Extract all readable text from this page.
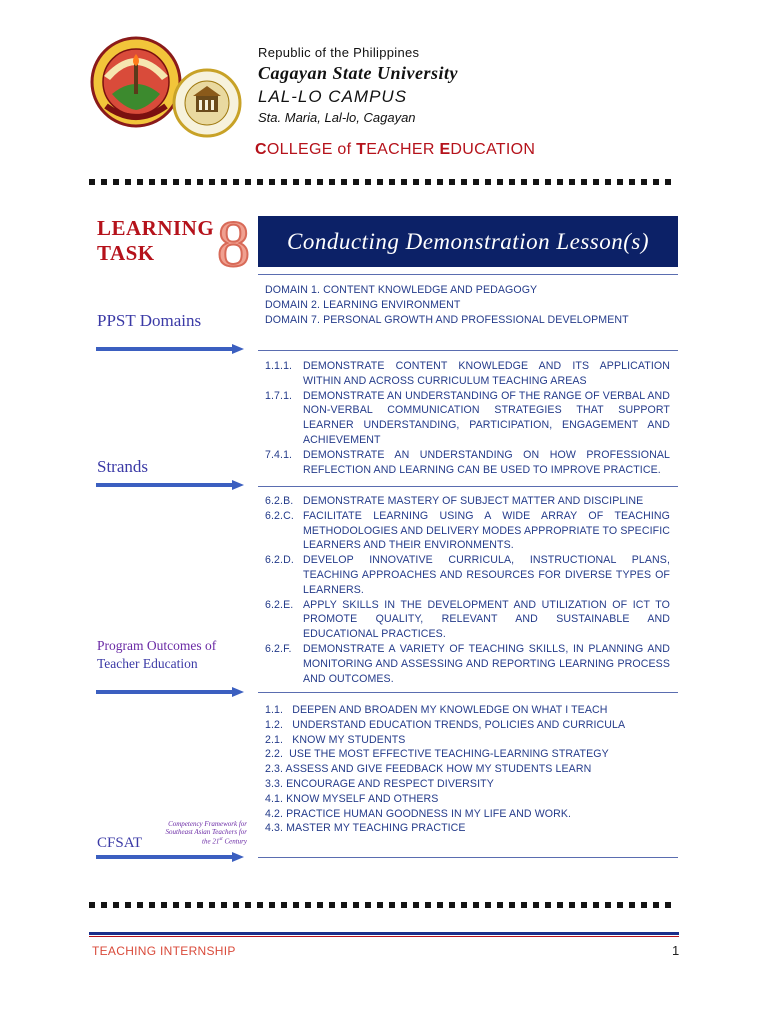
Republic of the Philippines
Cagayan State University
LAL-LO CAMPUS
Sta. Maria, Lal-lo, Cagayan
COLLEGE of TEACHER EDUCATION
LEARNING
TASK 8	Conducting Demonstration Lesson(s)
PPST Domains
Strands
Program Outcomes of
Teacher Education
CFSAT
Competency Framework for
Southeast Asian Teachers for
the 21st Century
DOMAIN 1. CONTENT KNOWLEDGE AND PEDAGOGY
DOMAIN 2. LEARNING ENVIRONMENT
DOMAIN 7. PERSONAL GROWTH AND PROFESSIONAL DEVELOPMENT
1.1.1.	DEMONSTRATE CONTENT KNOWLEDGE AND ITS APPLICATION WITHIN AND ACROSS CURRICULUM TEACHING AREAS
1.7.1.	DEMONSTRATE AN UNDERSTANDING OF THE RANGE OF VERBAL AND NON-VERBAL COMMUNICATION STRATEGIES THAT SUPPORT LEARNER UNDERSTANDING, PARTICIPATION, ENGAGEMENT AND ACHIEVEMENT
7.4.1.	DEMONSTRATE AN UNDERSTANDING ON HOW PROFESSIONAL REFLECTION AND LEARNING CAN BE USED TO IMPROVE PRACTICE.
6.2.B. DEMONSTRATE MASTERY OF SUBJECT MATTER AND DISCIPLINE
6.2.C. FACILITATE LEARNING USING A WIDE ARRAY OF TEACHING METHODOLOGIES AND DELIVERY MODES APPROPRIATE TO SPECIFIC LEARNERS AND THEIR ENVIRONMENTS.
6.2.D. DEVELOP INNOVATIVE CURRICULA, INSTRUCTIONAL PLANS, TEACHING APPROACHES AND RESOURCES FOR DIVERSE TYPES OF LEARNERS.
6.2.E. APPLY SKILLS IN THE DEVELOPMENT AND UTILIZATION OF ICT TO PROMOTE QUALITY, RELEVANT AND SUSTAINABLE AND EDUCATIONAL PRACTICES.
6.2.F.	DEMONSTRATE A VARIETY OF TEACHING SKILLS, IN PLANNING AND MONITORING AND ASSESSING AND REPORTING LEARNING PROCESS AND OUTCOMES.
1.1.   DEEPEN AND BROADEN MY KNOWLEDGE ON WHAT I TEACH
1.2.   UNDERSTAND EDUCATION TRENDS, POLICIES AND CURRICULA
2.1.   KNOW MY STUDENTS
2.2.  USE THE MOST EFFECTIVE TEACHING-LEARNING STRATEGY
2.3. ASSESS AND GIVE FEEDBACK HOW MY STUDENTS LEARN
3.3. ENCOURAGE AND RESPECT DIVERSITY
4.1. KNOW MYSELF AND OTHERS
4.2. PRACTICE HUMAN GOODNESS IN MY LIFE AND WORK.
4.3. MASTER MY TEACHING PRACTICE
TEACHING INTERNSHIP	1
